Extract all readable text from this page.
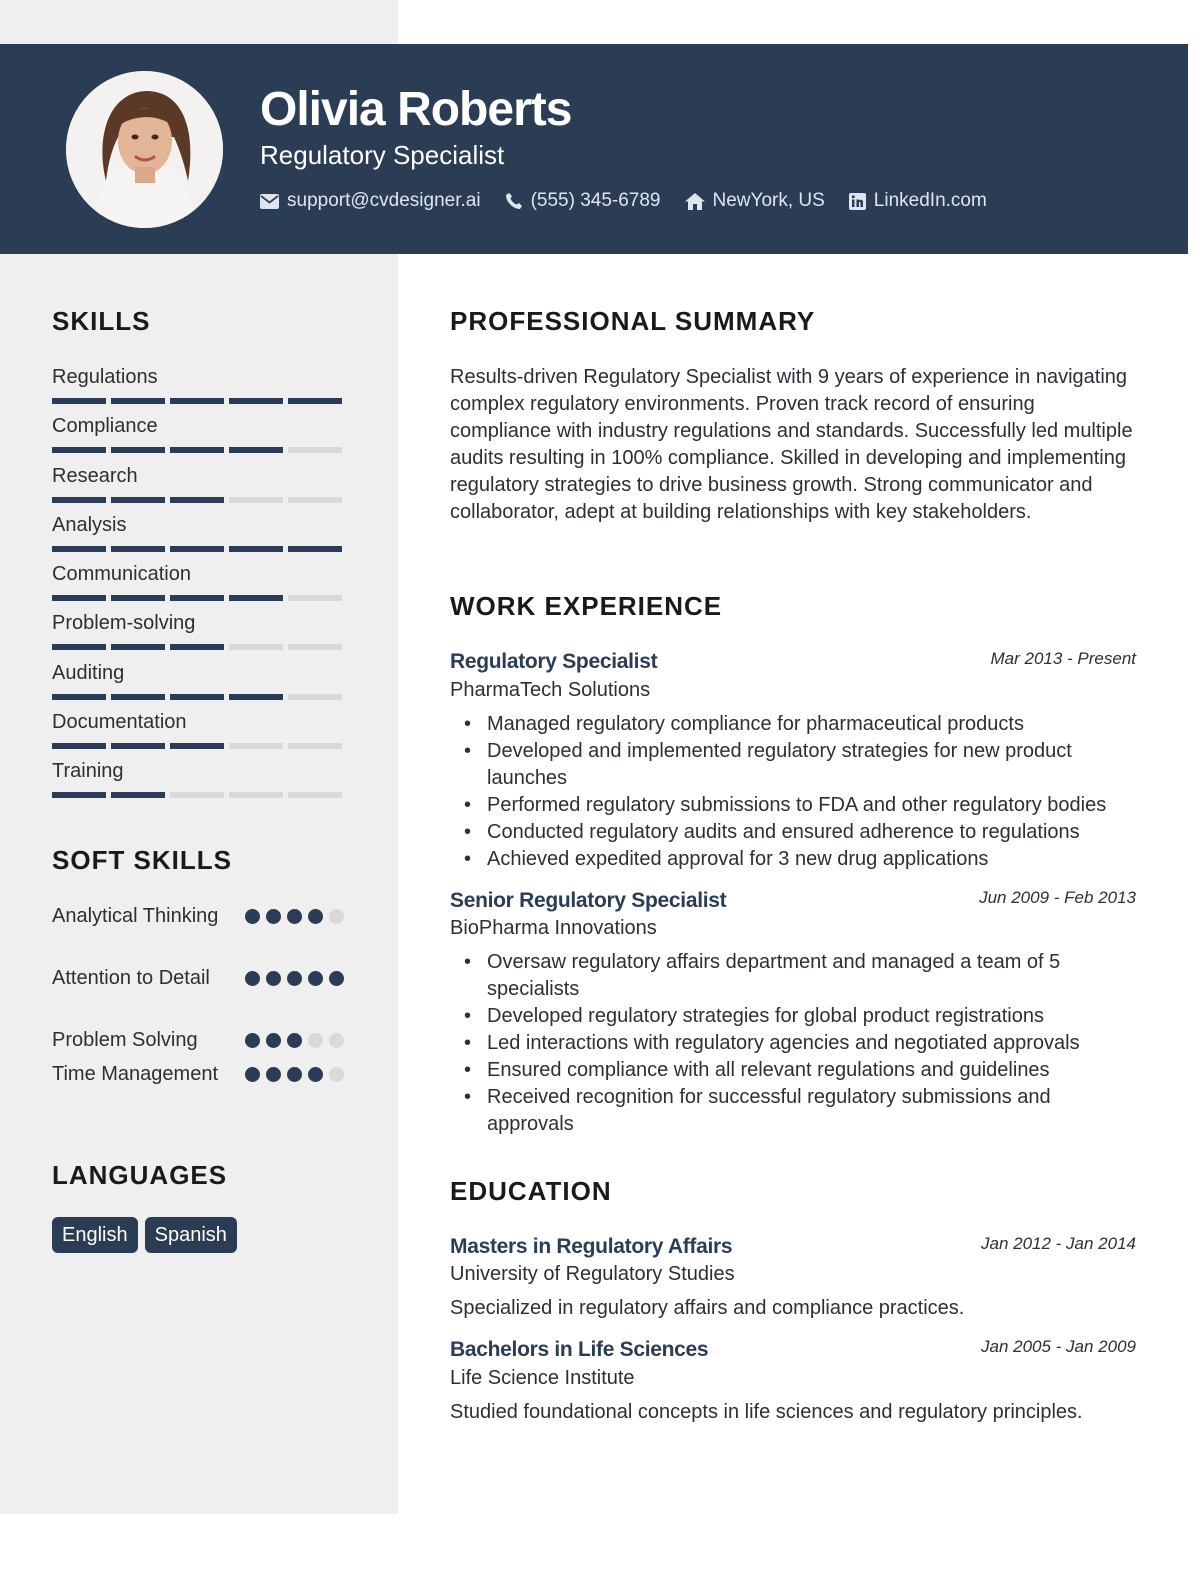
Olivia Roberts
Regulatory Specialist
support@cvdesigner.ai	(555) 345-6789	NewYork, US	LinkedIn.com
SKILLS
Regulations
Compliance
Research
Analysis
Communication
Problem-solving
Auditing
Documentation
Training
SOFT SKILLS
Analytical Thinking
Attention to Detail
Problem Solving
Time Management
LANGUAGES
English	Spanish
PROFESSIONAL SUMMARY
Results-driven Regulatory Specialist with 9 years of experience in navigating complex regulatory environments. Proven track record of ensuring compliance with industry regulations and standards. Successfully led multiple audits resulting in 100% compliance. Skilled in developing and implementing regulatory strategies to drive business growth. Strong communicator and collaborator, adept at building relationships with key stakeholders.
WORK EXPERIENCE
Regulatory Specialist	Mar 2013 - Present
PharmaTech Solutions
• Managed regulatory compliance for pharmaceutical products
• Developed and implemented regulatory strategies for new product launches
• Performed regulatory submissions to FDA and other regulatory bodies
• Conducted regulatory audits and ensured adherence to regulations
• Achieved expedited approval for 3 new drug applications
Senior Regulatory Specialist	Jun 2009 - Feb 2013
BioPharma Innovations
• Oversaw regulatory affairs department and managed a team of 5 specialists
• Developed regulatory strategies for global product registrations
• Led interactions with regulatory agencies and negotiated approvals
• Ensured compliance with all relevant regulations and guidelines
• Received recognition for successful regulatory submissions and approvals
EDUCATION
Masters in Regulatory Affairs	Jan 2012 - Jan 2014
University of Regulatory Studies
Specialized in regulatory affairs and compliance practices.
Bachelors in Life Sciences	Jan 2005 - Jan 2009
Life Science Institute
Studied foundational concepts in life sciences and regulatory principles.
